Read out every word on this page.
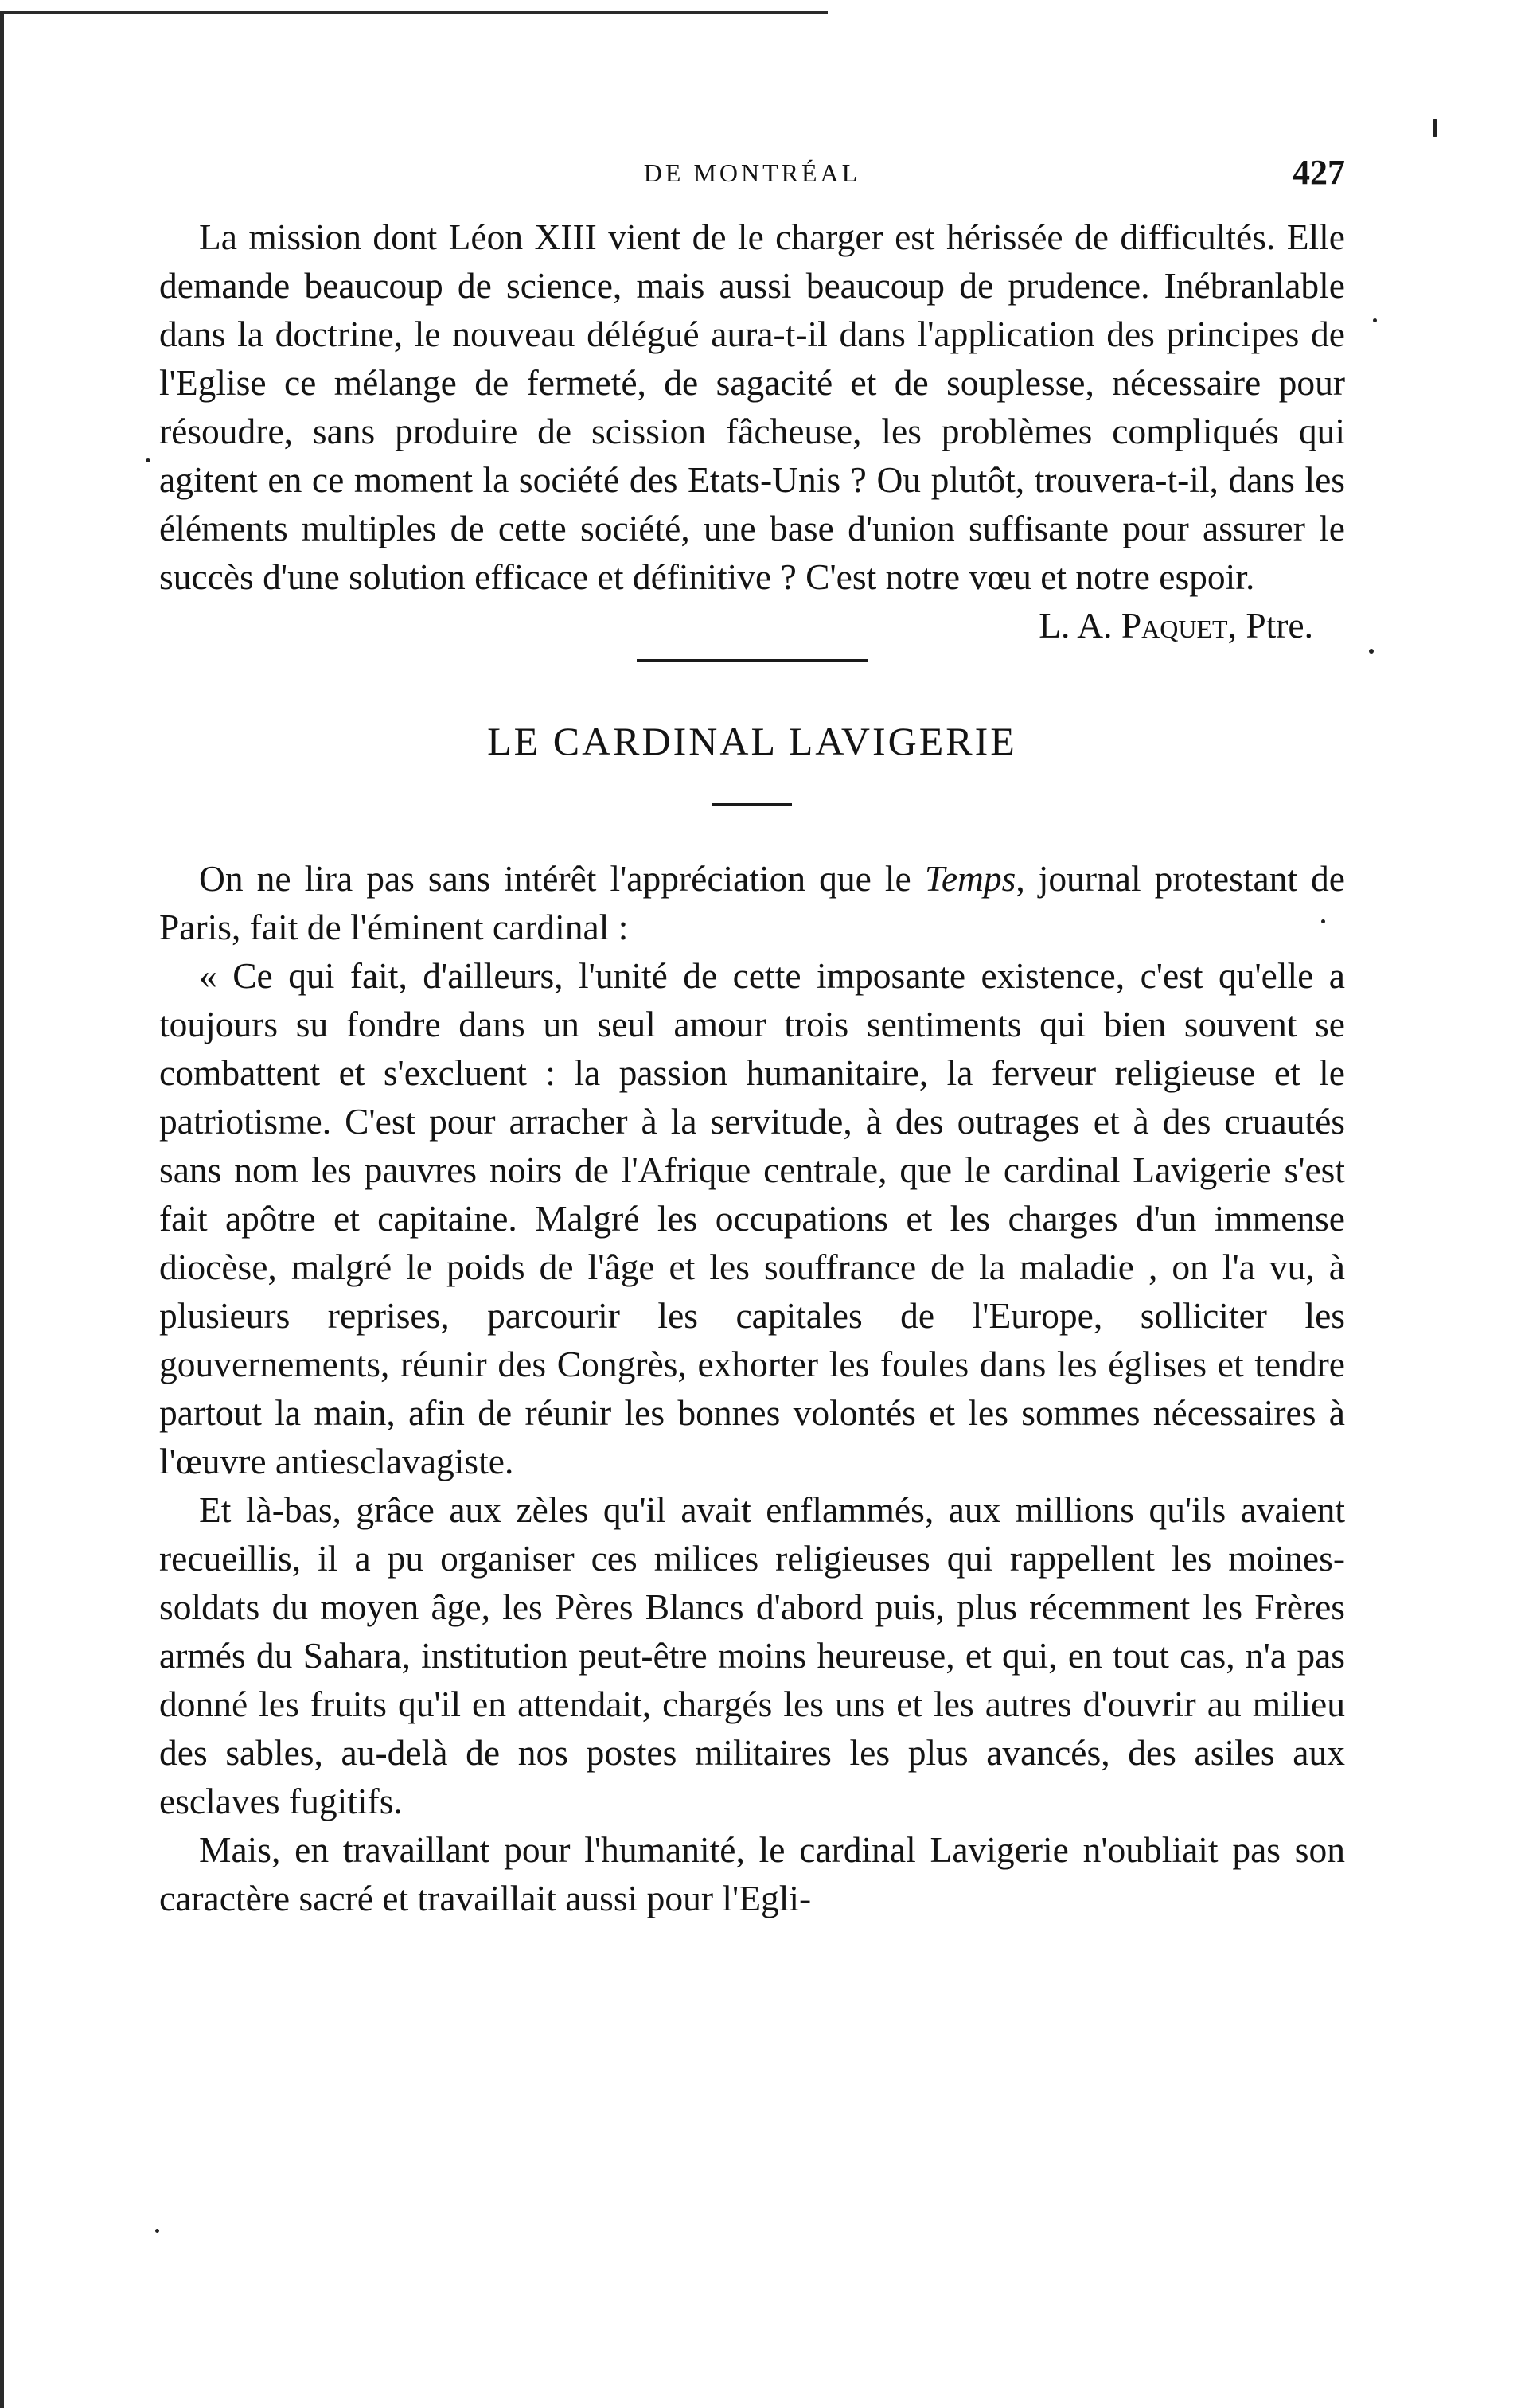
DE MONTRÉAL	427

La mission dont Léon XIII vient de le charger est hérissée de difficultés. Elle demande beaucoup de science, mais aussi beaucoup de prudence. Inébranlable dans la doctrine, le nouveau délégué aura-t-il dans l'application des principes de l'Eglise ce mélange de fermeté, de sagacité et de souplesse, nécessaire pour résoudre, sans produire de scission fâcheuse, les problèmes compliqués qui agitent en ce moment la société des Etats-Unis ? Ou plutôt, trouvera-t-il, dans les éléments multiples de cette société, une base d'union suffisante pour assurer le succès d'une solution efficace et définitive ? C'est notre vœu et notre espoir.

L. A. Paquet, Ptre.
LE CARDINAL LAVIGERIE

On ne lira pas sans intérêt l'appréciation que le Temps, journal protestant de Paris, fait de l'éminent cardinal :

« Ce qui fait, d'ailleurs, l'unité de cette imposante existence, c'est qu'elle a toujours su fondre dans un seul amour trois sentiments qui bien souvent se combattent et s'excluent : la passion humanitaire, la ferveur religieuse et le patriotisme. C'est pour arracher à la servitude, à des outrages et à des cruautés sans nom les pauvres noirs de l'Afrique centrale, que le cardinal Lavigerie s'est fait apôtre et capitaine. Malgré les occupations et les charges d'un immense diocèse, malgré le poids de l'âge et les souffrance de la maladie , on l'a vu, à plusieurs reprises, parcourir les capitales de l'Europe, solliciter les gouvernements, réunir des Congrès, exhorter les foules dans les églises et tendre partout la main, afin de réunir les bonnes volontés et les sommes nécessaires à l'œuvre antiesclavagiste.

Et là-bas, grâce aux zèles qu'il avait enflammés, aux millions qu'ils avaient recueillis, il a pu organiser ces milices religieuses qui rappellent les moines-soldats du moyen âge, les Pères Blancs d'abord puis, plus récemment les Frères armés du Sahara, institution peut-être moins heureuse, et qui, en tout cas, n'a pas donné les fruits qu'il en attendait, chargés les uns et les autres d'ouvrir au milieu des sables, au-delà de nos postes militaires les plus avancés, des asiles aux esclaves fugitifs.

Mais, en travaillant pour l'humanité, le cardinal Lavigerie n'oubliait pas son caractère sacré et travaillait aussi pour l'Egli-
